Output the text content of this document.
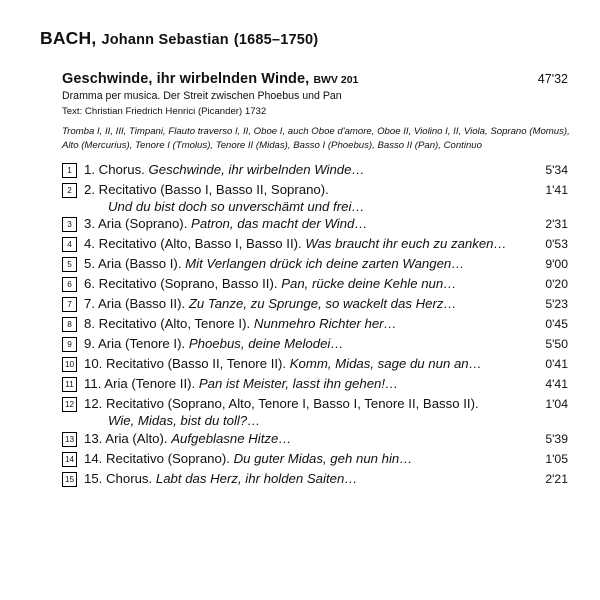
BACH, Johann Sebastian (1685–1750)
Geschwinde, ihr wirbelnden Winde, BWV 201	47'32
Dramma per musica. Der Streit zwischen Phoebus und Pan
Text: Christian Friedrich Henrici (Picander) 1732
Tromba I, II, III, Timpani, Flauto traverso I, II, Oboe I, auch Oboe d'amore, Oboe II, Violino I, II, Viola, Soprano (Momus), Alto (Mercurius), Tenore I (Tmolus), Tenore II (Midas), Basso I (Phoebus), Basso II (Pan), Continuo
1 1. Chorus. Geschwinde, ihr wirbelnden Winde…	5'34
2 2. Recitativo (Basso I, Basso II, Soprano).	1'41
Und du bist doch so unverschämt und frei…
3 3. Aria (Soprano). Patron, das macht der Wind…	2'31
4 4. Recitativo (Alto, Basso I, Basso II). Was braucht ihr euch zu zanken…	0'53
5 5. Aria (Basso I). Mit Verlangen drück ich deine zarten Wangen…	9'00
6 6. Recitativo (Soprano, Basso II). Pan, rücke deine Kehle nun…	0'20
7 7. Aria (Basso II). Zu Tanze, zu Sprunge, so wackelt das Herz…	5'23
8 8. Recitativo (Alto, Tenore I). Nunmehro Richter her…	0'45
9 9. Aria (Tenore I). Phoebus, deine Melodei…	5'50
10 10. Recitativo (Basso II, Tenore II). Komm, Midas, sage du nun an…	0'41
11 11. Aria (Tenore II). Pan ist Meister, lasst ihn gehen!…	4'41
12 12. Recitativo (Soprano, Alto, Tenore I, Basso I, Tenore II, Basso II).	1'04
Wie, Midas, bist du toll?…
13 13. Aria (Alto). Aufgeblasne Hitze…	5'39
14 14. Recitativo (Soprano). Du guter Midas, geh nun hin…	1'05
15 15. Chorus. Labt das Herz, ihr holden Saiten…	2'21
